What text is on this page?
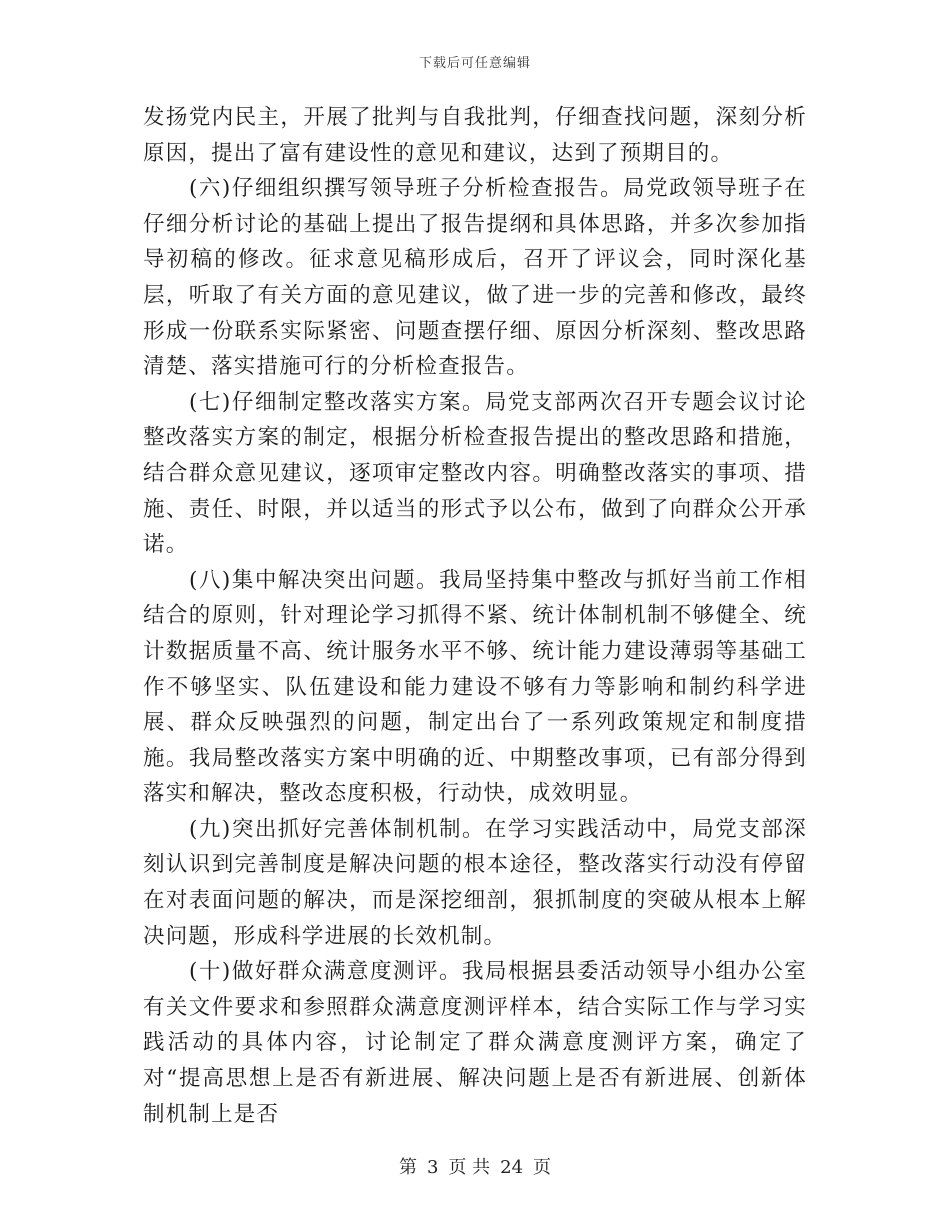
下载后可任意编辑

发扬党内民主，开展了批判与自我批判，仔细查找问题，深刻分析原因，提出了富有建设性的意见和建议，达到了预期目的。

(六)仔细组织撰写领导班子分析检查报告。局党政领导班子在仔细分析讨论的基础上提出了报告提纲和具体思路，并多次参加指导初稿的修改。征求意见稿形成后，召开了评议会，同时深化基层，听取了有关方面的意见建议，做了进一步的完善和修改，最终形成一份联系实际紧密、问题查摆仔细、原因分析深刻、整改思路清楚、落实措施可行的分析检查报告。

(七)仔细制定整改落实方案。局党支部两次召开专题会议讨论整改落实方案的制定，根据分析检查报告提出的整改思路和措施，结合群众意见建议，逐项审定整改内容。明确整改落实的事项、措施、责任、时限，并以适当的形式予以公布，做到了向群众公开承诺。

(八)集中解决突出问题。我局坚持集中整改与抓好当前工作相结合的原则，针对理论学习抓得不紧、统计体制机制不够健全、统计数据质量不高、统计服务水平不够、统计能力建设薄弱等基础工作不够坚实、队伍建设和能力建设不够有力等影响和制约科学进展、群众反映强烈的问题，制定出台了一系列政策规定和制度措施。我局整改落实方案中明确的近、中期整改事项，已有部分得到落实和解决，整改态度积极，行动快，成效明显。

(九)突出抓好完善体制机制。在学习实践活动中，局党支部深刻认识到完善制度是解决问题的根本途径，整改落实行动没有停留在对表面问题的解决，而是深挖细剖，狠抓制度的突破从根本上解决问题，形成科学进展的长效机制。

(十)做好群众满意度测评。我局根据县委活动领导小组办公室有关文件要求和参照群众满意度测评样本，结合实际工作与学习实践活动的具体内容，讨论制定了群众满意度测评方案，确定了对“提高思想上是否有新进展、解决问题上是否有新进展、创新体制机制上是否

第 3 页 共 24 页
